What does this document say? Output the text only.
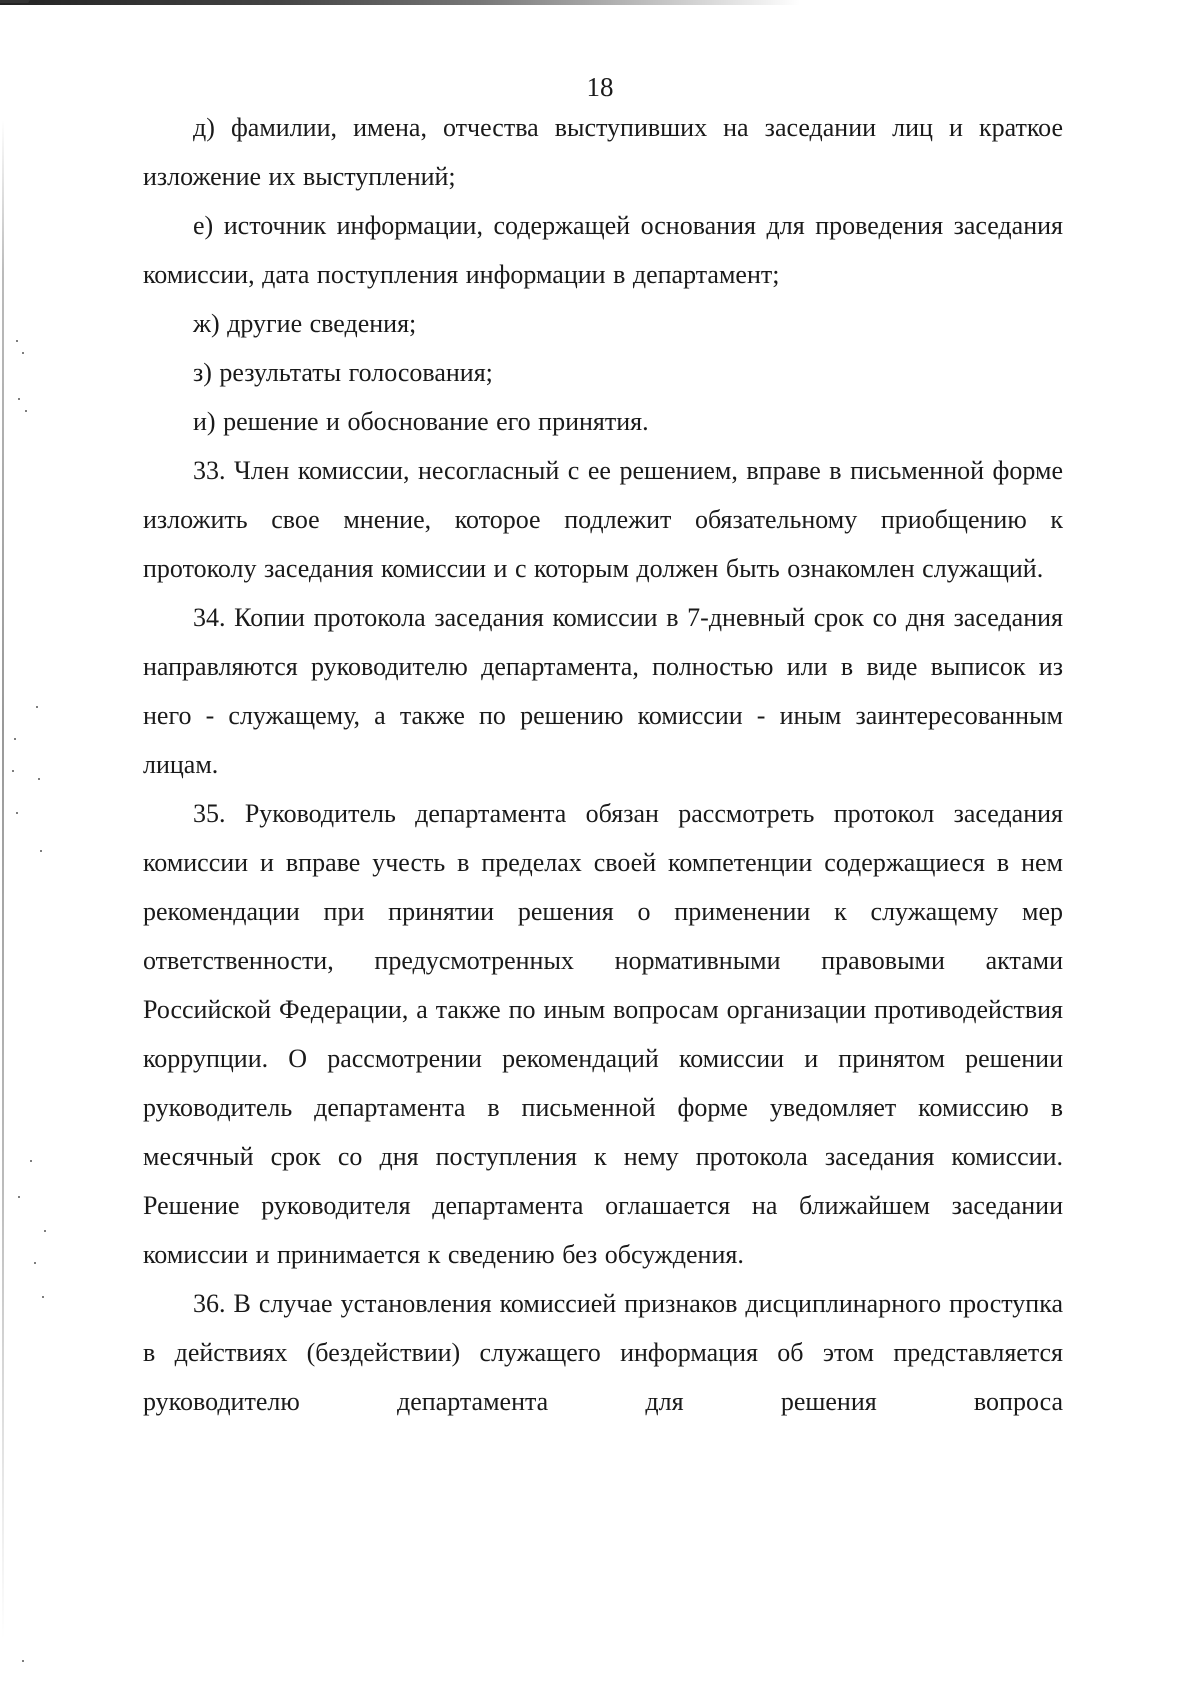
18

д) фамилии, имена, отчества выступивших на заседании лиц и краткое изложение их выступлений;

е) источник информации, содержащей основания для проведения заседания комиссии, дата поступления информации в департамент;

ж) другие сведения;

з) результаты голосования;

и) решение и обоснование его принятия.

33. Член комиссии, несогласный с ее решением, вправе в письменной форме изложить свое мнение, которое подлежит обязательному приобщению к протоколу заседания комиссии и с которым должен быть ознакомлен служащий.

34. Копии протокола заседания комиссии в 7-дневный срок со дня заседания направляются руководителю департамента, полностью или в виде выписок из него - служащему, а также по решению комиссии - иным заинтересованным лицам.

35. Руководитель департамента обязан рассмотреть протокол заседания комиссии и вправе учесть в пределах своей компетенции содержащиеся в нем рекомендации при принятии решения о применении к служащему мер ответственности, предусмотренных нормативными правовыми актами Российской Федерации, а также по иным вопросам организации противодействия коррупции. О рассмотрении рекомендаций комиссии и принятом решении руководитель департамента в письменной форме уведомляет комиссию в месячный срок со дня поступления к нему протокола заседания комиссии. Решение руководителя департамента оглашается на ближайшем заседании комиссии и принимается к сведению без обсуждения.

36. В случае установления комиссией признаков дисциплинарного проступка в действиях (бездействии) служащего информация об этом представляется руководителю департамента для решения вопроса
